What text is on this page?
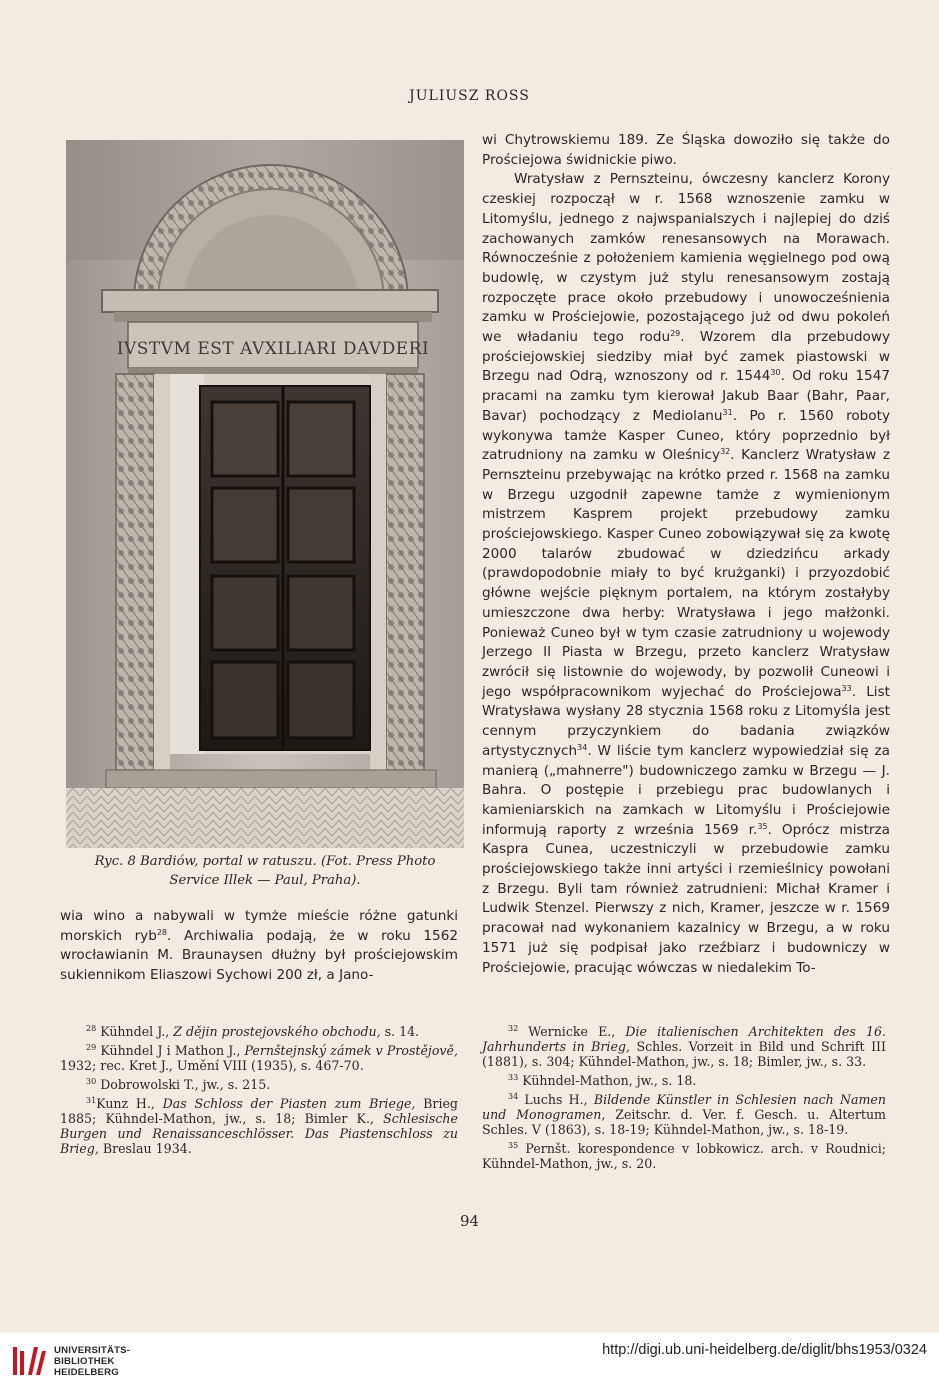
JULIUSZ ROSS
IVSTVM EST AVXILIARI DAVDERI
Ryc. 8 Bardiów, portal w ratuszu. (Fot. Press Photo
Service Illek — Paul, Praha).

wi Chytrowskiemu 189. Ze Śląska dowoziło się także do Prościejowa świdnickie piwo.

Wratysław z Pernszteinu, ówczesny kanclerz Korony czeskiej rozpoczął w r. 1568 wznoszenie zamku w Litomyślu, jednego z najwspanialszych i najlepiej do dziś zachowanych zamków renesansowych na Morawach. Równocześnie z położeniem kamienia węgielnego pod ową budowlę, w czystym już stylu renesansowym zostają rozpoczęte prace około przebudowy i unowocześnienia zamku w Prościejowie, pozostającego już od dwu pokoleń we władaniu tego rodu$^{29}$. Wzorem dla przebudowy prościejowskiej siedziby miał być zamek piastowski w Brzegu nad Odrą, wznoszony od r. 1544$^{30}$. Od roku 1547 pracami na zamku tym kierował Jakub Baar (Bahr, Paar, Bavar) pochodzący z Mediolanu$^{31}$. Po r. 1560 roboty wykonywa tamże Kasper Cuneo, który poprzednio był zatrudniony na zamku w Oleśnicy$^{32}$. Kanclerz Wratysław z Pernszteinu przebywając na krótko przed r. 1568 na zamku w Brzegu uzgodnił zapewne tamże z wymienionym mistrzem Kasprem projekt przebudowy zamku prościejowskiego. Kasper Cuneo zobowiązywał się za kwotę 2000 talarów zbudować w dziedzińcu arkady (prawdopodobnie miały to być krużganki) i przyozdobić główne wejście pięknym portalem, na którym zostałyby umieszczone dwa herby: Wratysława i jego małżonki. Ponieważ Cuneo był w tym czasie zatrudniony u wojewody Jerzego II Piasta w Brzegu, przeto kanclerz Wratysław zwrócił się listownie do wojewody, by pozwolił Cuneowi i jego współpracownikom wyjechać do Prościejowa$^{33}$. List Wratysława wysłany 28 stycznia 1568 roku z Litomyśla jest cennym przyczynkiem do badania związków artystycznych$^{34}$. W liście tym kanclerz wypowiedział się za manierą („mahnerre") budowniczego zamku w Brzegu — J. Bahra. O postępie i przebiegu prac budowlanych i kamieniarskich na zamkach w Litomyślu i Prościejowie informują raporty z września 1569 r.$^{35}$. Oprócz mistrza Kaspra Cunea, uczestniczyli w przebudowie zamku prościejowskiego także inni artyści i rzemieślnicy powołani z Brzegu. Byli tam również zatrudnieni: Michał Kramer i Ludwik Stenzel. Pierwszy z nich, Kramer, jeszcze w r. 1569 pracował nad wykonaniem kazalnicy w Brzegu, a w roku 1571 już się podpisał jako rzeźbiarz i budowniczy w Prościejowie, pracując wówczas w niedalekim To-

wia wino a nabywali w tymże mieście różne gatunki morskich ryb$^{28}$. Archiwalia podają, że w roku 1562 wrocławianin M. Braunaysen dłużny był prościejowskim sukiennikom Eliaszowi Sychowi 200 zł, a Jano-

$^{28}$ Kühndel J., Z dějin prostejovského obchodu, s. 14.

$^{29}$ Kühndel J i Mathon J., Pernštejnský zámek v Prostějově, 1932; rec. Kret J., Umění VIII (1935), s. 467-70.

$^{30}$ Dobrowolski T., jw., s. 215.

$^{31}$Kunz H., Das Schloss der Piasten zum Briege, Brieg 1885; Kühndel-Mathon, jw., s. 18; Bimler K., Schlesische Burgen und Renaissanceschlösser. Das Piastenschloss zu Brieg, Breslau 1934.

$^{32}$ Wernicke E., Die italienischen Architekten des 16. Jahrhunderts in Brieg, Schles. Vorzeit in Bild und Schrift III (1881), s. 304; Kühndel-Mathon, jw., s. 18; Bimler, jw., s. 33.

$^{33}$ Kühndel-Mathon, jw., s. 18.

$^{34}$ Luchs H., Bildende Künstler in Schlesien nach Namen und Monogramen, Zeitschr. d. Ver. f. Gesch. u. Altertum Schles. V (1863), s. 18-19; Kühndel-Mathon, jw., s. 18-19.

$^{35}$ Pernšt. korespondence v lobkowicz. arch. v Roudnici; Kühndel-Mathon, jw., s. 20.

94
UNIVERSITÄTS-
BIBLIOTHEK
HEIDELBERG
http://digi.ub.uni-heidelberg.de/diglit/bhs1953/0324
